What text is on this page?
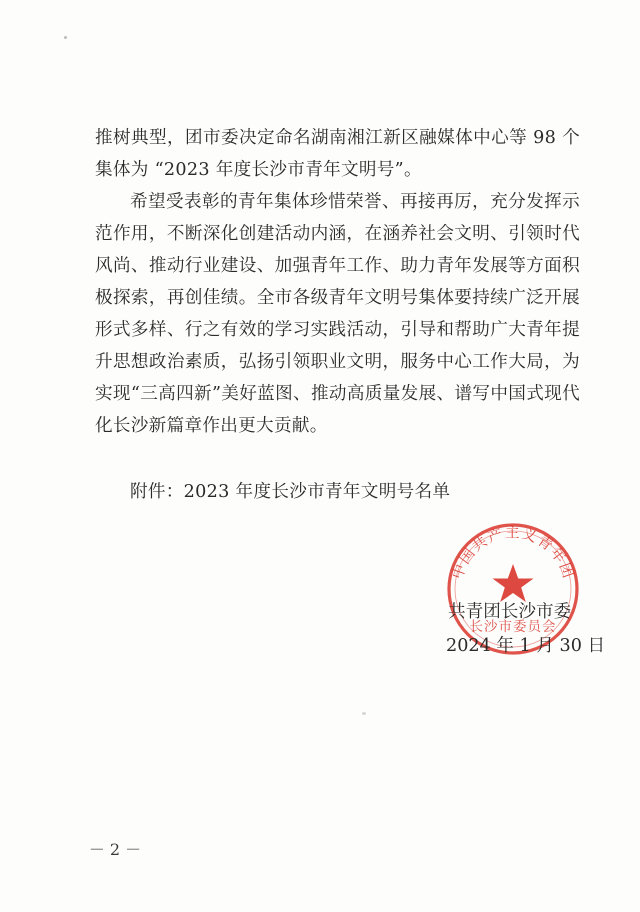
推树典型，团市委决定命名湖南湘江新区融媒体中心等 98 个集体为 “2023 年度长沙市青年文明号”。

希望受表彰的青年集体珍惜荣誉、再接再厉，充分发挥示范作用，不断深化创建活动内涵，在涵养社会文明、引领时代风尚、推动行业建设、加强青年工作、助力青年发展等方面积极探索，再创佳绩。全市各级青年文明号集体要持续广泛开展形式多样、行之有效的学习实践活动，引导和帮助广大青年提升思想政治素质，弘扬引领职业文明，服务中心工作大局，为实现“三高四新”美好蓝图、推动高质量发展、谱写中国式现代化长沙新篇章作出更大贡献。

附件：2023 年度长沙市青年文明号名单

中国共产主义青年团
长沙市委员会

共青团长沙市委

2024 年 1 月 30 日

－ 2 －
